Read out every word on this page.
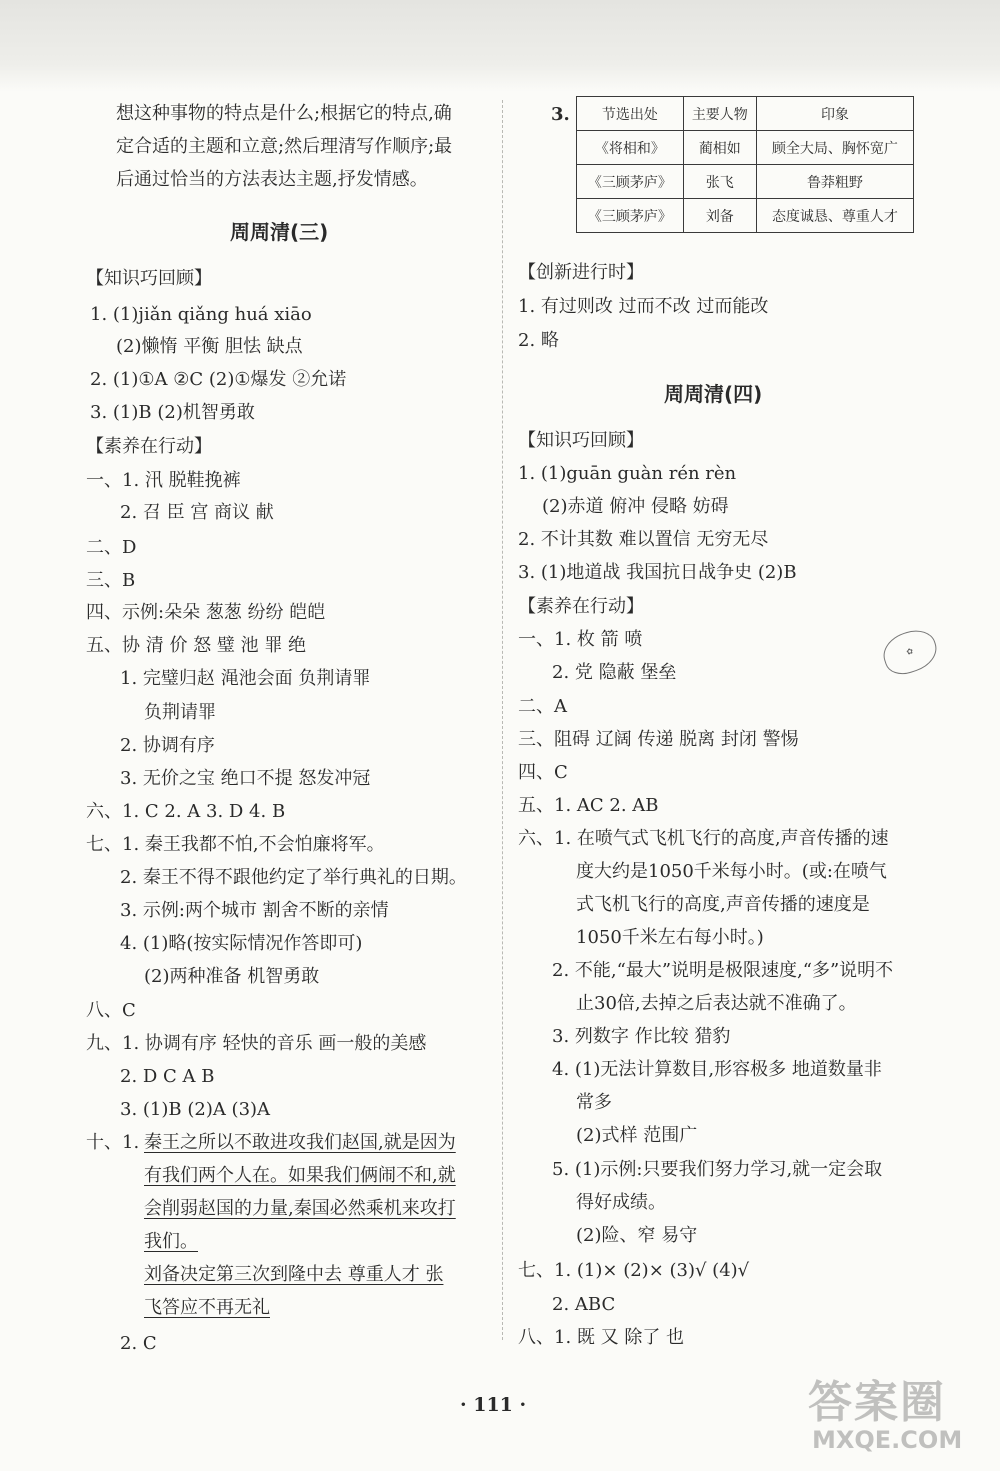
想这种事物的特点是什么;根据它的特点,确
定合适的主题和立意;然后理清写作顺序;最
后通过恰当的方法表达主题,抒发情感。
周周清(三)
【知识巧回顾】
1. (1)jiǎn qiǎng huá xiāo
(2)懒惰 平衡 胆怯 缺点
2. (1)①A ②C (2)①爆发 ②允诺
3. (1)B (2)机智勇敢
【素养在行动】
一、1. 汛 脱鞋挽裤
2. 召 臣 宫 商议 献
二、D
三、B
四、示例:朵朵 葱葱 纷纷 皑皑
五、协 清 价 怒 璧 池 罪 绝
1. 完璧归赵 渑池会面 负荆请罪
负荆请罪
2. 协调有序
3. 无价之宝 绝口不提 怒发冲冠
六、1. C 2. A 3. D 4. B
七、1. 秦王我都不怕,不会怕廉将军。
2. 秦王不得不跟他约定了举行典礼的日期。
3. 示例:两个城市 割舍不断的亲情
4. (1)略(按实际情况作答即可)
(2)两种准备 机智勇敢
八、C
九、1. 协调有序 轻快的音乐 画一般的美感
2. D C A B
3. (1)B (2)A (3)A
十、1. 秦王之所以不敢进攻我们赵国,就是因为
有我们两个人在。如果我们俩闹不和,就
会削弱赵国的力量,秦国必然乘机来攻打
我们。
刘备决定第三次到隆中去 尊重人才 张
飞答应不再无礼
2. C
3. 节选出处	主要人物	印象
《将相和》	蔺相如	顾全大局、胸怀宽广
《三顾茅庐》	张飞	鲁莽粗野
《三顾茅庐》	刘备	态度诚恳、尊重人才
【创新进行时】
1. 有过则改 过而不改 过而能改
2. 略
周周清(四)
【知识巧回顾】
1. (1)guān guàn rén rèn
(2)赤道 俯冲 侵略 妨碍
2. 不计其数 难以置信 无穷无尽
3. (1)地道战 我国抗日战争史 (2)B
【素养在行动】
一、1. 枚 箭 喷
2. 党 隐蔽 堡垒
二、A
三、阻碍 辽阔 传递 脱离 封闭 警惕
四、C
五、1. AC 2. AB
六、1. 在喷气式飞机飞行的高度,声音传播的速
度大约是1050千米每小时。(或:在喷气
式飞机飞行的高度,声音传播的速度是
1050千米左右每小时。)
2. 不能,“最大”说明是极限速度,“多”说明不
止30倍,去掉之后表达就不准确了。
3. 列数字 作比较 猎豹
4. (1)无法计算数目,形容极多 地道数量非
常多
(2)式样 范围广
5. (1)示例:只要我们努力学习,就一定会取
得好成绩。
(2)险、窄 易守
七、1. (1)× (2)× (3)√ (4)√
2. ABC
八、1. 既 又 除了 也
✿
· 111 ·	答案圈
MXQE.COM
